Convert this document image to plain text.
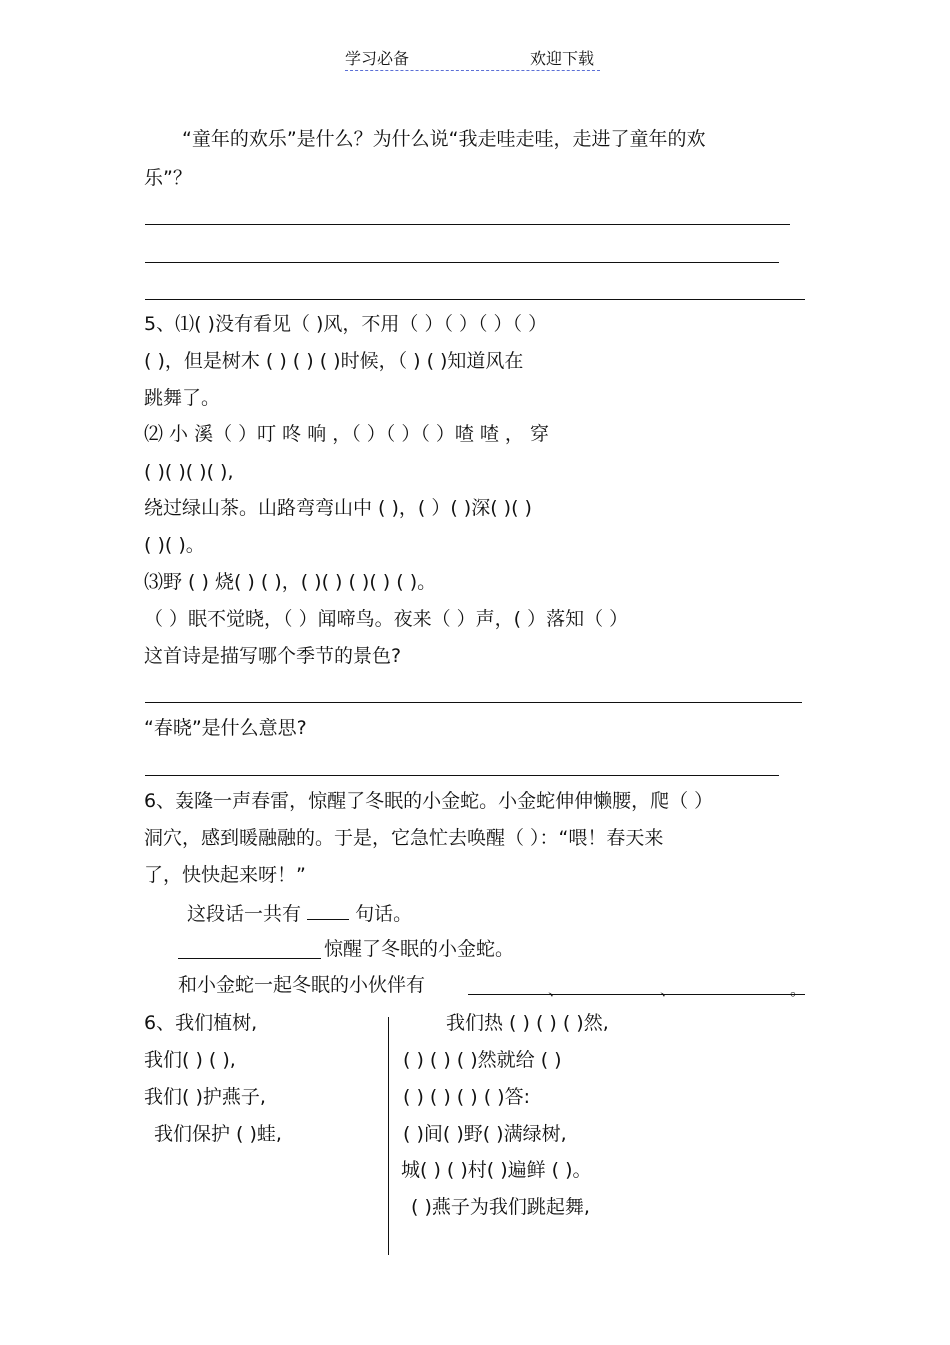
学习必备	欢迎下载
“童年的欢乐”是什么？为什么说“我走哇走哇，走进了童年的欢
乐”？
5、⑴( )没有看见（ )风，不用（ ）（ ）（ ）（ ）
( )，但是树木 ( ) ( ) ( )时候，（ ) ( )知道风在
跳舞了。
⑵ 小 溪（ ）叮 咚 响 ，（ ）（ ）（ ）喳 喳 ， 穿
( )( )( )( ),
绕过绿山茶。山路弯弯山中 ( )，( ）( )深( )( )
( )( )。
⑶野 ( ) 烧( ) ( )，( )( ) ( )( ) ( )。
（ ）眠不觉晓，（ ）闻啼鸟。夜来（ ）声，( ）落知（ ）
这首诗是描写哪个季节的景色?
“春晓”是什么意思?
6、轰隆一声春雷，惊醒了冬眠的小金蛇。小金蛇伸伸懒腰，爬（ ）
洞穴，感到暖融融的。于是，它急忙去唤醒（ ）：“喂！春天来
了，快快起来呀！”
这段话一共有	句话。
惊醒了冬眠的小金蛇。
和小金蛇一起冬眠的小伙伴有	、	、	。
6、我们植树,
我们( ) ( ),
我们( )护燕子,
我们保护 ( )蛙,
我们热 ( ) ( ) ( )然,
( ) ( ) ( )然就给 ( )
( ) ( ) ( ) ( )答:
( )间( )野( )满绿树,
城( ) ( )村( )遍鲜 ( )。
( )燕子为我们跳起舞,
